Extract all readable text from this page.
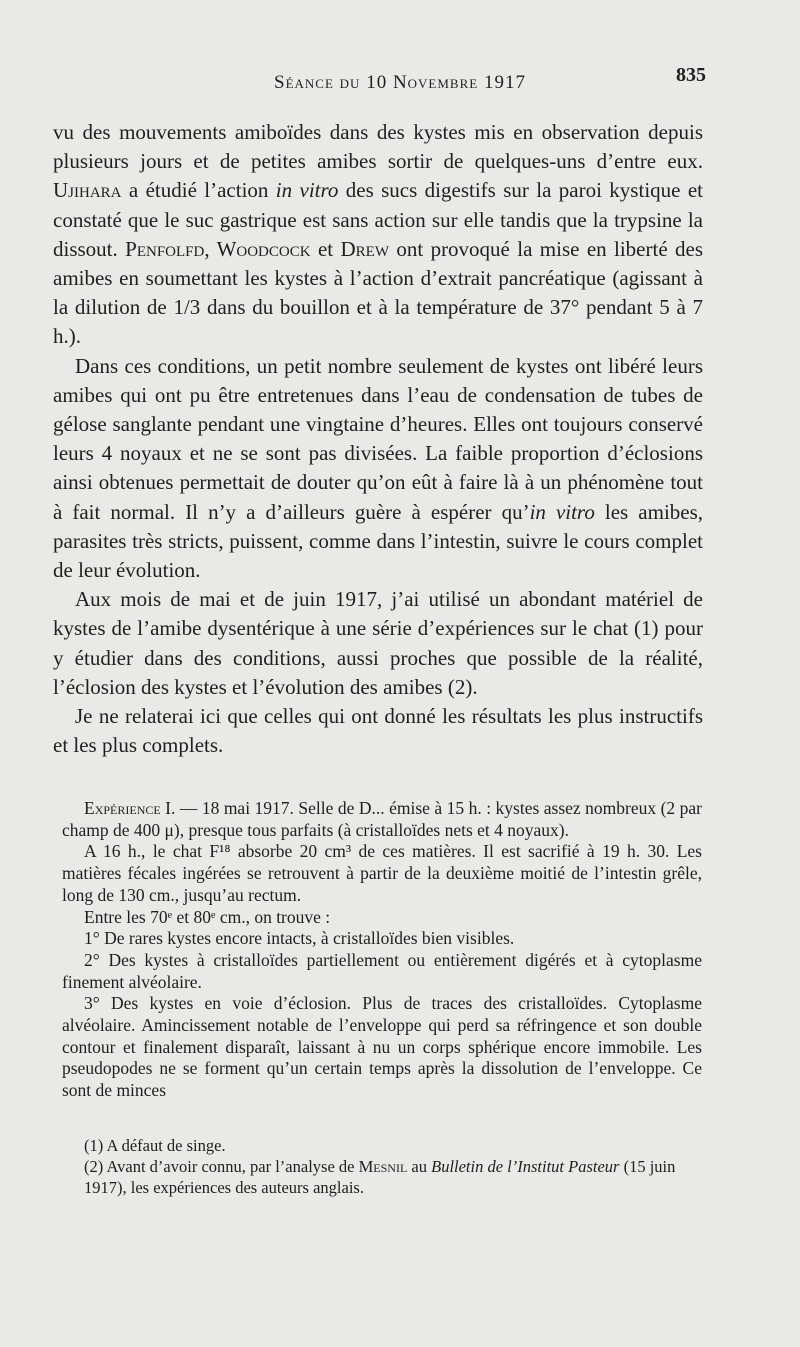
Séance du 10 Novembre 1917	835

vu des mouvements amiboïdes dans des kystes mis en observation depuis plusieurs jours et de petites amibes sortir de quelques-uns d’entre eux. Ujihara a étudié l’action in vitro des sucs digestifs sur la paroi kystique et constaté que le suc gastrique est sans action sur elle tandis que la trypsine la dissout. Penfolfd, Woodcock et Drew ont provoqué la mise en liberté des amibes en soumettant les kystes à l’action d’extrait pancréatique (agissant à la dilution de 1/3 dans du bouillon et à la température de 37° pendant 5 à 7 h.).

Dans ces conditions, un petit nombre seulement de kystes ont libéré leurs amibes qui ont pu être entretenues dans l’eau de condensation de tubes de gélose sanglante pendant une vingtaine d’heures. Elles ont toujours conservé leurs 4 noyaux et ne se sont pas divisées. La faible proportion d’éclosions ainsi obtenues permettait de douter qu’on eût à faire là à un phénomène tout à fait normal. Il n’y a d’ailleurs guère à espérer qu’in vitro les amibes, parasites très stricts, puissent, comme dans l’intestin, suivre le cours complet de leur évolution.

Aux mois de mai et de juin 1917, j’ai utilisé un abondant matériel de kystes de l’amibe dysentérique à une série d’expériences sur le chat (1) pour y étudier dans des conditions, aussi proches que possible de la réalité, l’éclosion des kystes et l’évolution des amibes (2).

Je ne relaterai ici que celles qui ont donné les résultats les plus instructifs et les plus complets.

Expérience I. — 18 mai 1917. Selle de D... émise à 15 h. : kystes assez nombreux (2 par champ de 400 μ), presque tous parfaits (à cristalloïdes nets et 4 noyaux).

A 16 h., le chat F¹⁸ absorbe 20 cm³ de ces matières. Il est sacrifié à 19 h. 30. Les matières fécales ingérées se retrouvent à partir de la deuxième moitié de l’intestin grêle, long de 130 cm., jusqu’au rectum.

Entre les 70ᵉ et 80ᵉ cm., on trouve :

1° De rares kystes encore intacts, à cristalloïdes bien visibles.

2° Des kystes à cristalloïdes partiellement ou entièrement digérés et à cytoplasme finement alvéolaire.

3° Des kystes en voie d’éclosion. Plus de traces des cristalloïdes. Cytoplasme alvéolaire. Amincissement notable de l’enveloppe qui perd sa réfringence et son double contour et finalement disparaît, laissant à nu un corps sphérique encore immobile. Les pseudopodes ne se forment qu’un certain temps après la dissolution de l’enveloppe. Ce sont de minces

(1) A défaut de singe.

(2) Avant d’avoir connu, par l’analyse de Mesnil au Bulletin de l’Institut Pasteur (15 juin 1917), les expériences des auteurs anglais.
